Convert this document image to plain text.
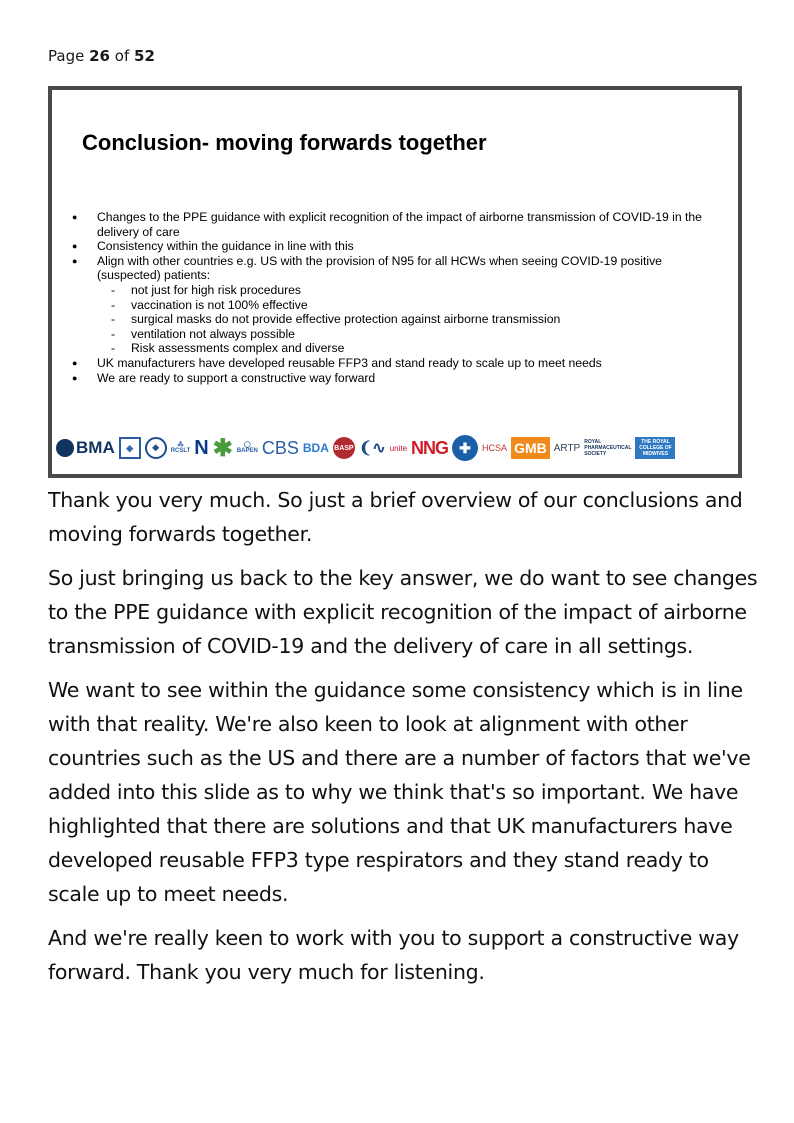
Page 26 of 52
Conclusion- moving forwards together
● Changes to the PPE guidance with explicit recognition of the impact of airborne transmission of COVID-19 in the delivery of care
● Consistency within the guidance in line with this
● Align with other countries e.g. US with the provision of N95 for all HCWs when seeing COVID-19 positive (suspected) patients:
- not just for high risk procedures
- vaccination is not 100% effective
- surgical masks do not provide effective protection against airborne transmission
- ventilation not always possible
- Risk assessments complex and diverse
● UK manufacturers have developed reusable FFP3 and stand ready to scale up to meet needs
● We are ready to support a constructive way forward
BMA	◈	❖	⁂
RCSLT N ✱ ◯
BAPEN CBS BDA BASP ❨∿ unite NNG ✚	HCSA GMB ARTP
ROYAL
PHARMACEUTICAL
SOCIETY
THE ROYAL
COLLEGE OF
MIDWIVES

Thank you very much. So just a brief overview of our conclusions and moving forwards together.

So just bringing us back to the key answer, we do want to see changes to the PPE guidance with explicit recognition of the impact of airborne transmission of COVID-19 and the delivery of care in all settings.

We want to see within the guidance some consistency which is in line with that reality. We're also keen to look at alignment with other countries such as the US and there are a number of factors that we've added into this slide as to why we think that's so important. We have highlighted that there are solutions and that UK manufacturers have developed reusable FFP3 type respirators and they stand ready to scale up to meet needs.

And we're really keen to work with you to support a constructive way forward. Thank you very much for listening.
